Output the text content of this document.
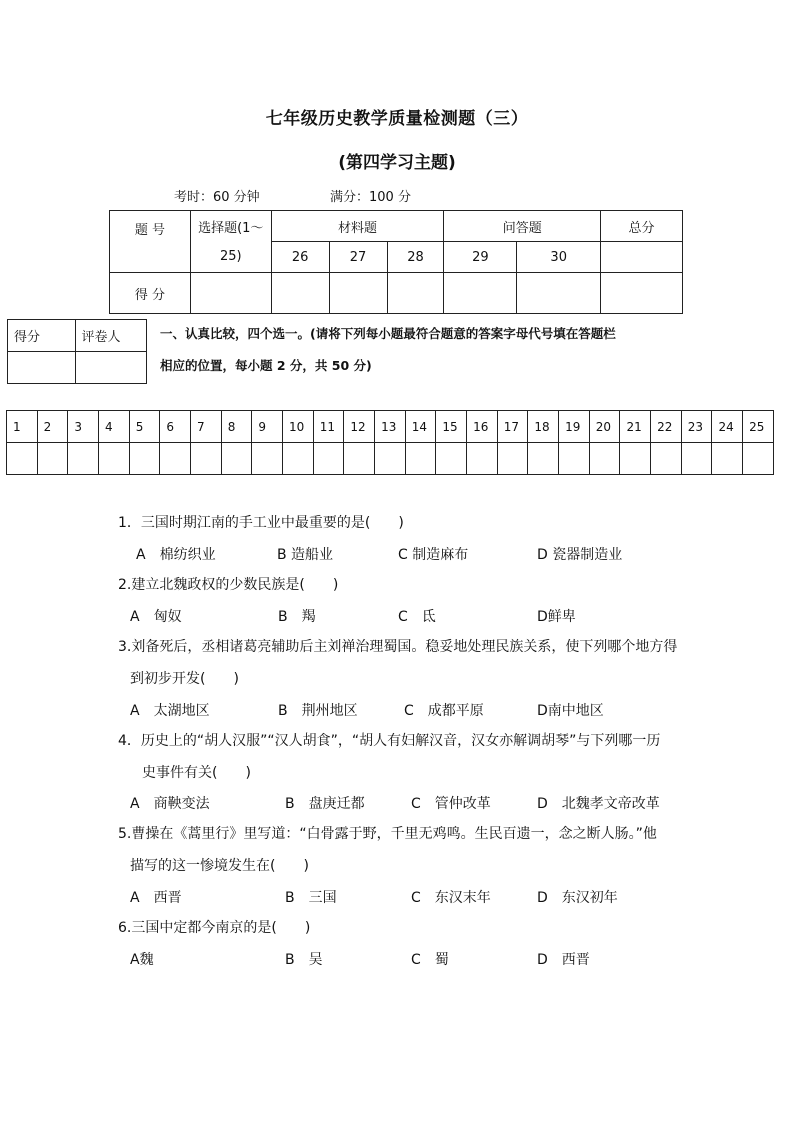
七年级历史教学质量检测题（三）
(第四学习主题)
考时：60 分钟	满分：100 分
题 号	选择题(1～	材料题			问答题		总分
	25)	26	27	28	29	30	
得 分							
得分	评卷人
		一、认真比较，四个选一。(请将下列每小题最符合题意的答案字母代号填在答题栏
相应的位置，每小题 2 分，共 50 分)
1	2	3	4	5	6	7	8	9	10	11	12	13	14	15	16	17	18	19	20	21	22	23	24	25

1．三国时期江南的手工业中最重要的是(　　)
A　棉纺织业	B 造船业	C 制造麻布	D 瓷器制造业
2.建立北魏政权的少数民族是(　　)
A　匈奴	B　羯	C　氐	D鲜卑
3.刘备死后，丞相诸葛亮辅助后主刘禅治理蜀国。稳妥地处理民族关系，使下列哪个地方得
到初步开发(　　)
A　太湖地区	B　荆州地区	C　成都平原	D南中地区
4．历史上的“胡人汉服”“汉人胡食”，“胡人有妇解汉音，汉女亦解调胡琴”与下列哪一历
史事件有关(　　)
A　商鞅变法	B　盘庚迁都	C　管仲改革	D　北魏孝文帝改革
5.曹操在《蒿里行》里写道：“白骨露于野，千里无鸡鸣。生民百遗一，念之断人肠。”他
描写的这一惨境发生在(　　)
A　西晋	B　三国	C　东汉末年	D　东汉初年
6.三国中定都今南京的是(　　)
A魏	B　吴	C　蜀	D　西晋
